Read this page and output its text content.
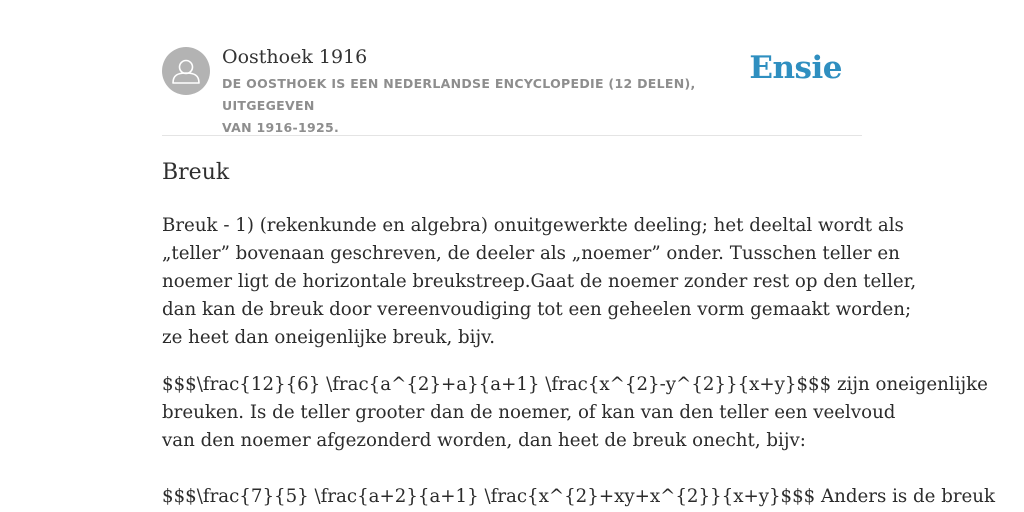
Oosthoek 1916
DE OOSTHOEK IS EEN NEDERLANDSE ENCYCLOPEDIE (12 DELEN), UITGEGEVEN
VAN 1916-1925.
Ensie
Breuk

Breuk - 1) (rekenkunde en algebra) onuitgewerkte deeling; het deeltal wordt als
„teller” bovenaan geschreven, de deeler als „noemer” onder. Tusschen teller en
noemer ligt de horizontale breukstreep.Gaat de noemer zonder rest op den teller,
dan kan de breuk door vereenvoudiging tot een geheelen vorm gemaakt worden;
ze heet dan oneigenlijke breuk, bijv.

$$$\frac{12}{6} \frac{a^{2}+a}{a+1} \frac{x^{2}-y^{2}}{x+y}$$$ zijn oneigenlijke
breuken. Is de teller grooter dan de noemer, of kan van den teller een veelvoud
van den noemer afgezonderd worden, dan heet de breuk onecht, bijv:

$$$\frac{7}{5} \frac{a+2}{a+1} \frac{x^{2}+xy+x^{2}}{x+y}$$$ Anders is de breuk
